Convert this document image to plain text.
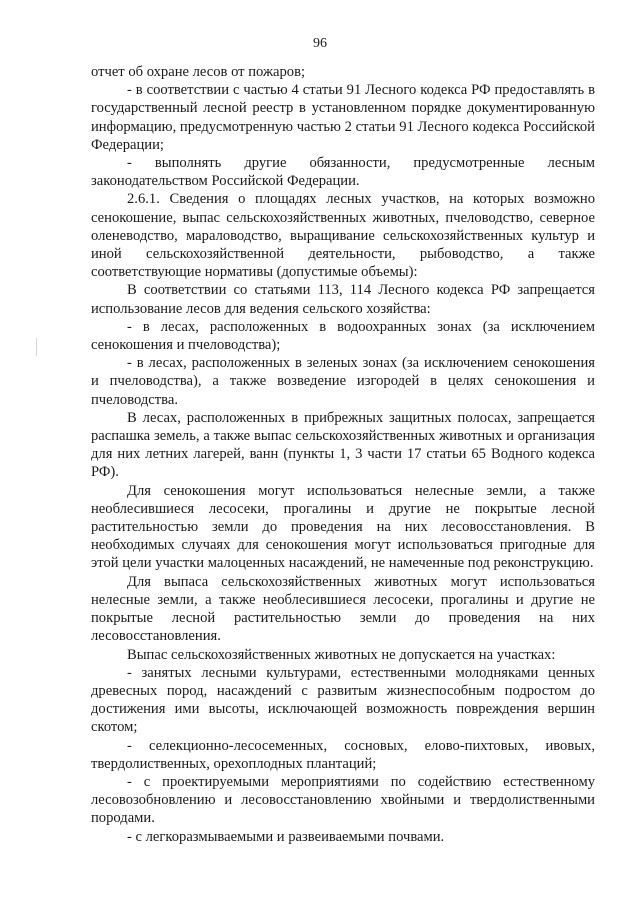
96

отчет об охране лесов от пожаров;

- в соответствии с частью 4 статьи 91 Лесного кодекса РФ предоставлять в государственный лесной реестр в установленном порядке документированную информацию, предусмотренную частью 2 статьи 91 Лесного кодекса Российской Федерации;

- выполнять другие обязанности, предусмотренные лесным законодательством Российской Федерации.

2.6.1. Сведения о площадях лесных участков, на которых возможно сенокошение, выпас сельскохозяйственных животных, пчеловодство, северное оленеводство, мараловодство, выращивание сельскохозяйственных культур и иной сельскохозяйственной деятельности, рыбоводство, а также соответствующие нормативы (допустимые объемы):

В соответствии со статьями 113, 114 Лесного кодекса РФ запрещается использование лесов для ведения сельского хозяйства:

- в лесах, расположенных в водоохранных зонах (за исключением сенокошения и пчеловодства);

- в лесах, расположенных в зеленых зонах (за исключением сенокошения и пчеловодства), а также возведение изгородей в целях сенокошения и пчеловодства.

В лесах, расположенных в прибрежных защитных полосах, запрещается распашка земель, а также выпас сельскохозяйственных животных и организация для них летних лагерей, ванн (пункты 1, 3 части 17 статьи 65 Водного кодекса РФ).

Для сенокошения могут использоваться нелесные земли, а также необлесившиеся лесосеки, прогалины и другие не покрытые лесной растительностью земли до проведения на них лесовосстановления. В необходимых случаях для сенокошения могут использоваться пригодные для этой цели участки малоценных насаждений, не намеченные под реконструкцию.

Для выпаса сельскохозяйственных животных могут использоваться нелесные земли, а также необлесившиеся лесосеки, прогалины и другие не покрытые лесной растительностью земли до проведения на них лесовосстановления.

Выпас сельскохозяйственных животных не допускается на участках:

- занятых лесными культурами, естественными молодняками ценных древесных пород, насаждений с развитым жизнеспособным подростом до достижения ими высоты, исключающей возможность повреждения вершин скотом;

- селекционно-лесосеменных, сосновых, елово-пихтовых, ивовых, твердолиственных, орехоплодных плантаций;

- с проектируемыми мероприятиями по содействию естественному лесовозобновлению и лесовосстановлению хвойными и твердолиственными породами.

- с легкоразмываемыми и развеиваемыми почвами.
